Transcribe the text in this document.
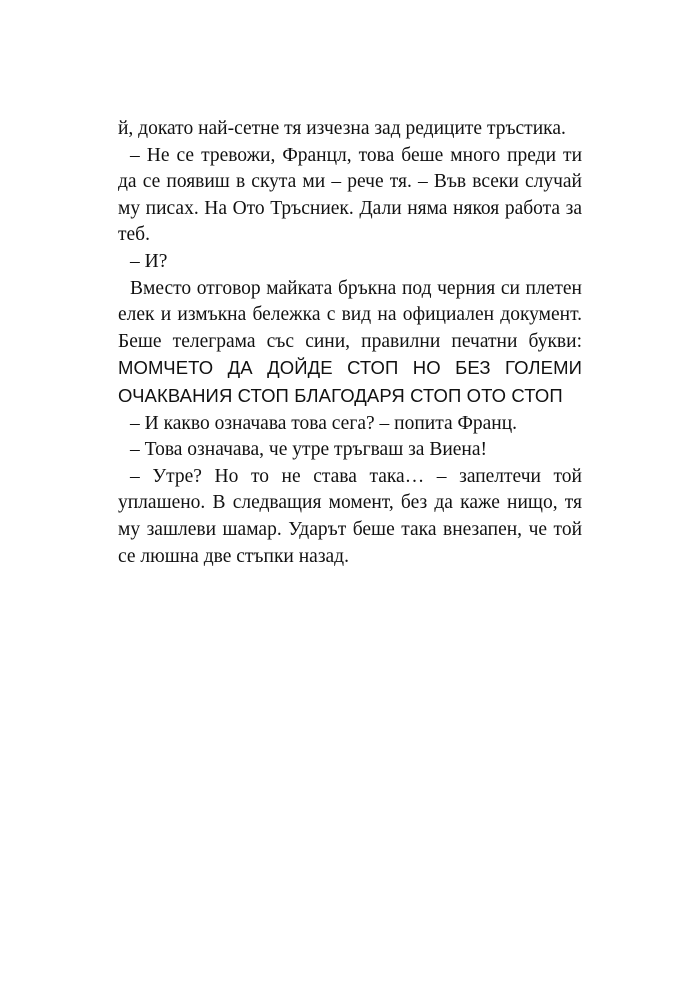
й, докато най-сетне тя изчезна зад редиците тръстика.

– Не се тревожи, Францл, това беше много преди ти да се появиш в скута ми – рече тя. – Във всеки случай му писах. На Ото Тръсниек. Дали няма някоя работа за теб.

– И?

Вместо отговор майката бръкна под черния си плетен елек и измъкна бележка с вид на официален документ. Беше телеграма със сини, правилни печатни букви: МОМЧЕТО ДА ДОЙДЕ СТОП НО БЕЗ ГОЛЕМИ ОЧАКВАНИЯ СТОП БЛАГОДАРЯ СТОП ОТО СТОП

– И какво означава това сега? – попита Франц.

– Това означава, че утре тръгваш за Виена!

– Утре? Но то не става така… – запелтечи той уплашено. В следващия момент, без да каже нищо, тя му зашлеви шамар. Ударът беше така внезапен, че той се люшна две стъпки назад.
